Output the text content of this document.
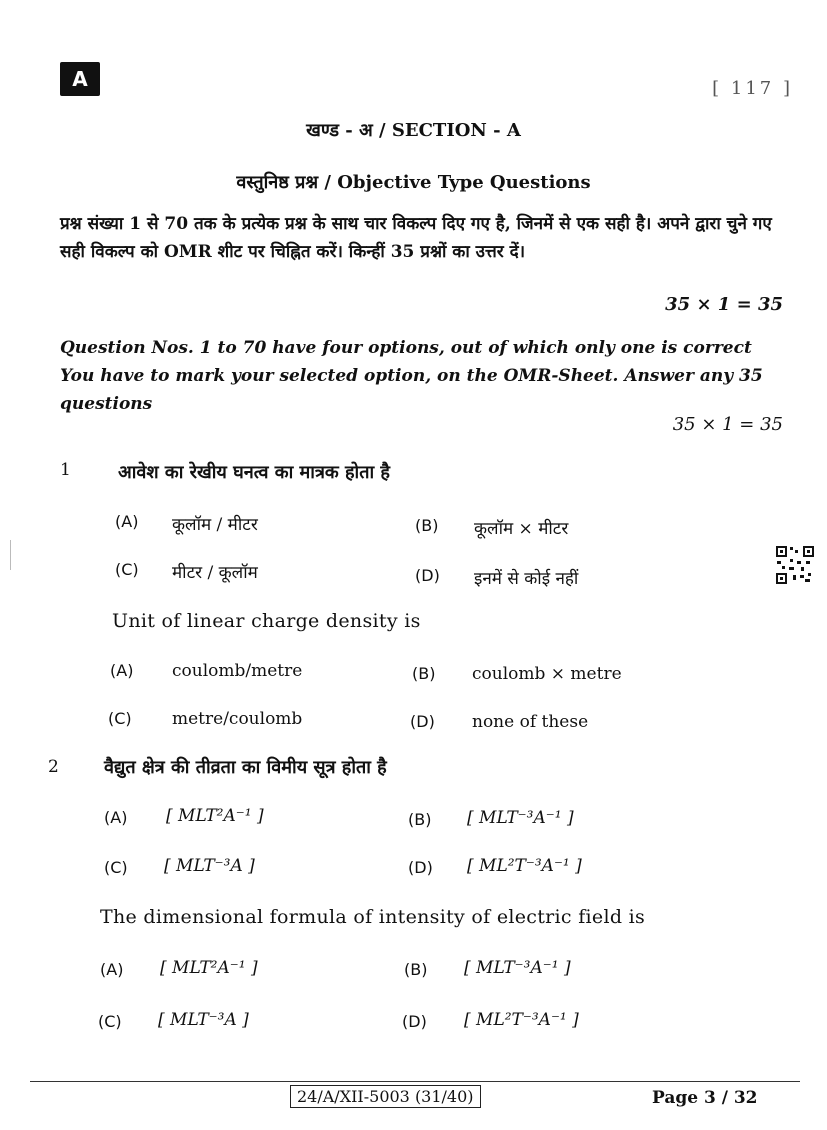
A	[ 117 ]
खण्ड - अ / SECTION - A
वस्तुनिष्ठ प्रश्न / Objective Type Questions
प्रश्न संख्या 1 से 70 तक के प्रत्येक प्रश्न के साथ चार विकल्प दिए गए है, जिनमें से एक सही है। अपने द्वारा चुने गए सही विकल्प को OMR शीट पर चिह्नित करें। किन्हीं 35 प्रश्नों का उत्तर दें।
35 × 1 = 35
Question Nos. 1 to 70 have four options, out of which only one is correct You have to mark your selected option, on the OMR-Sheet. Answer any 35 questions
35 × 1 = 35
1	आवेश का रेखीय घनत्व का मात्रक होता है
(A) कूलॉम / मीटर	(B) कूलॉम × मीटर
(C) मीटर / कूलॉम	(D) इनमें से कोई नहीं
Unit of linear charge density is
(A) coulomb/metre	(B) coulomb × metre
(C) metre/coulomb	(D) none of these
2	वैद्युत क्षेत्र की तीव्रता का विमीय सूत्र होता है
(A) [ MLT²A⁻¹ ]	(B) [ MLT⁻³A⁻¹ ]
(C) [ MLT⁻³A ]	(D) [ ML²T⁻³A⁻¹ ]
The dimensional formula of intensity of electric field is
(A) [ MLT²A⁻¹ ]	(B) [ MLT⁻³A⁻¹ ]
(C) [ MLT⁻³A ]	(D) [ ML²T⁻³A⁻¹ ]
24/A/XII-5003 (31/40)	Page 3 / 32
